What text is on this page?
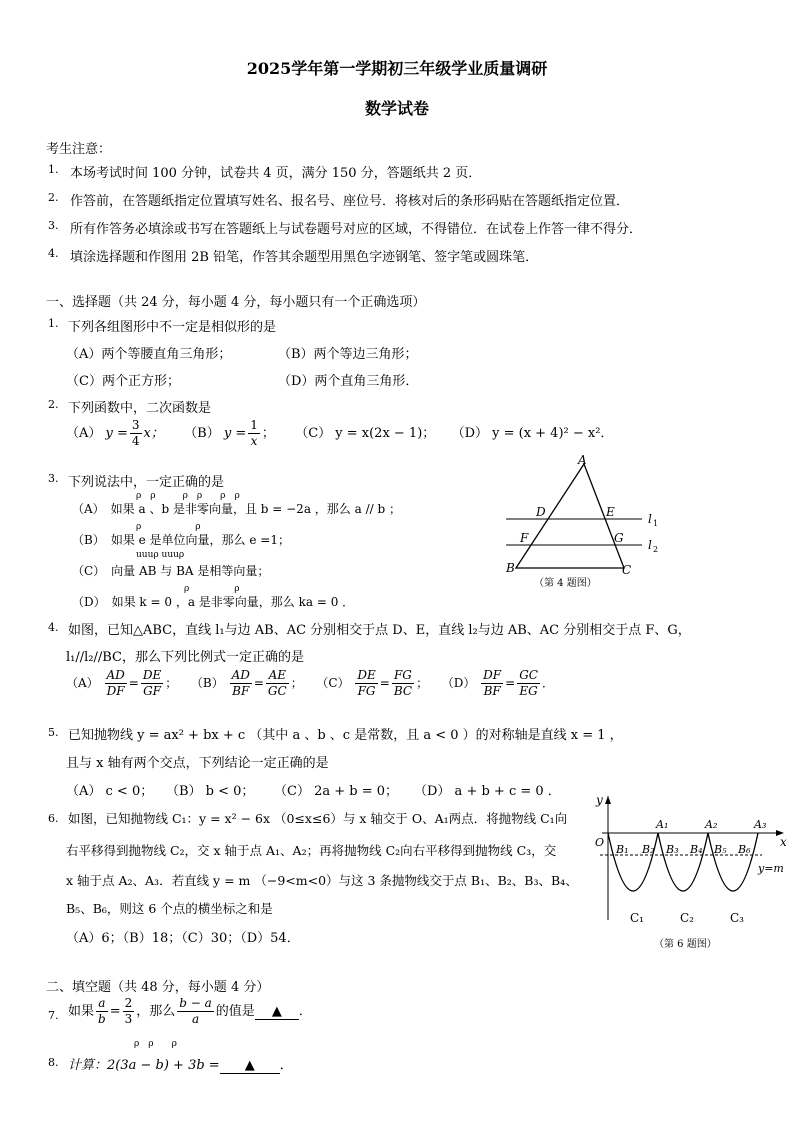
2025学年第一学期初三年级学业质量调研
数学试卷
考生注意：
1. 本场考试时间 100 分钟，试卷共 4 页，满分 150 分，答题纸共 2 页．
2. 作答前，在答题纸指定位置填写姓名、报名号、座位号．将核对后的条形码贴在答题纸指定位置．
3. 所有作答务必填涂或书写在答题纸上与试卷题号对应的区域，不得错位．在试卷上作答一律不得分．
4. 填涂选择题和作图用 2B 铅笔，作答其余题型用黑色字迹钢笔、签字笔或圆珠笔．
一、选择题（共 24 分，每小题 4 分，每小题只有一个正确选项）
1. 下列各组图形中不一定是相似形的是
（A）两个等腰直角三角形；	（B）两个等边三角形；
（C）两个正方形；	（D）两个直角三角形．
2. 下列函数中，二次函数是
（A） $y = \frac{3}{4}$ x； （B） $y = \frac{1}{x}$ ； （C） y = x(2x − 1)； （D） y = (x + 4)² − x²．
3. 下列说法中，一定正确的是
ρ　ρ　　　ρ　ρ　　ρ　ρ
（A）　如果 a 、b 是非零向量，且 b = −2a ，那么 a // b ；
ρ　　　　　　ρ
（B）　如果 e 是单位向量，那么 e =1；
uuuρ uuuρ
（C）　向量 AB 与 BA 是相等向量；
ρ　　　　　ρ
（D）　如果 k = 0 ，a 是非零向量，那么 ka = 0 ．
A
D	E
F	G
B	C
l 1
l 2
（第 4 题图）
4. 如图，已知△ABC，直线 l₁与边 AB、AC 分别相交于点 D、E，直线 l₂与边 AB、AC 分别相交于点 F、G，
l₁//l₂//BC，那么下列比例式一定正确的是
$(A) \frac{AD}{DF} = \frac{DE}{GF}$ ；  $(B) \frac{AD}{BF} = \frac{AE}{GC}$ ；  $(C) \frac{DE}{FG} = \frac{FG}{BC}$ ；  $(D) \frac{DF}{BF} = \frac{GC}{EG}$ ．
5. 已知抛物线 y = ax² + bx + c （其中 a 、b 、c 是常数，且 a < 0 ）的对称轴是直线 x = 1 ，
且与 x 轴有两个交点，下列结论一定正确的是
（A） c < 0； （B） b < 0； （C） 2a + b = 0； （D） a + b + c = 0 ．
6. 如图，已知抛物线 C₁：y = x² − 6x （0≤x≤6）与 x 轴交于 O、A₁两点．将抛物线 C₁向
右平移得到抛物线 C₂，交 x 轴于点 A₁、A₂；再将抛物线 C₂向右平移得到抛物线 C₃，交
x 轴于点 A₂、A₃．若直线 y = m （−9<m<0）与这 3 条抛物线交于点 B₁、B₂、B₃、B₄、
B₅、B₆，则这 6 个点的横坐标之和是
（A）6；（B）18；（C）30；（D）54．
y
x
O
A₁	A₂	A₃
B₁ B₂ B₃ B₄ B₅ B₆
y=m
C₁	C₂	C₃
（第 6 题图）
二、填空题（共 48 分，每小题 4 分）
7. 如果 $\frac{a}{b} = \frac{2}{3}$ ，那么 $\frac{b - a}{a}$ 的值是 ▲ ．
ρ　ρ　　ρ
8. 计算：2(3a − b) + 3b = ▲ ．
